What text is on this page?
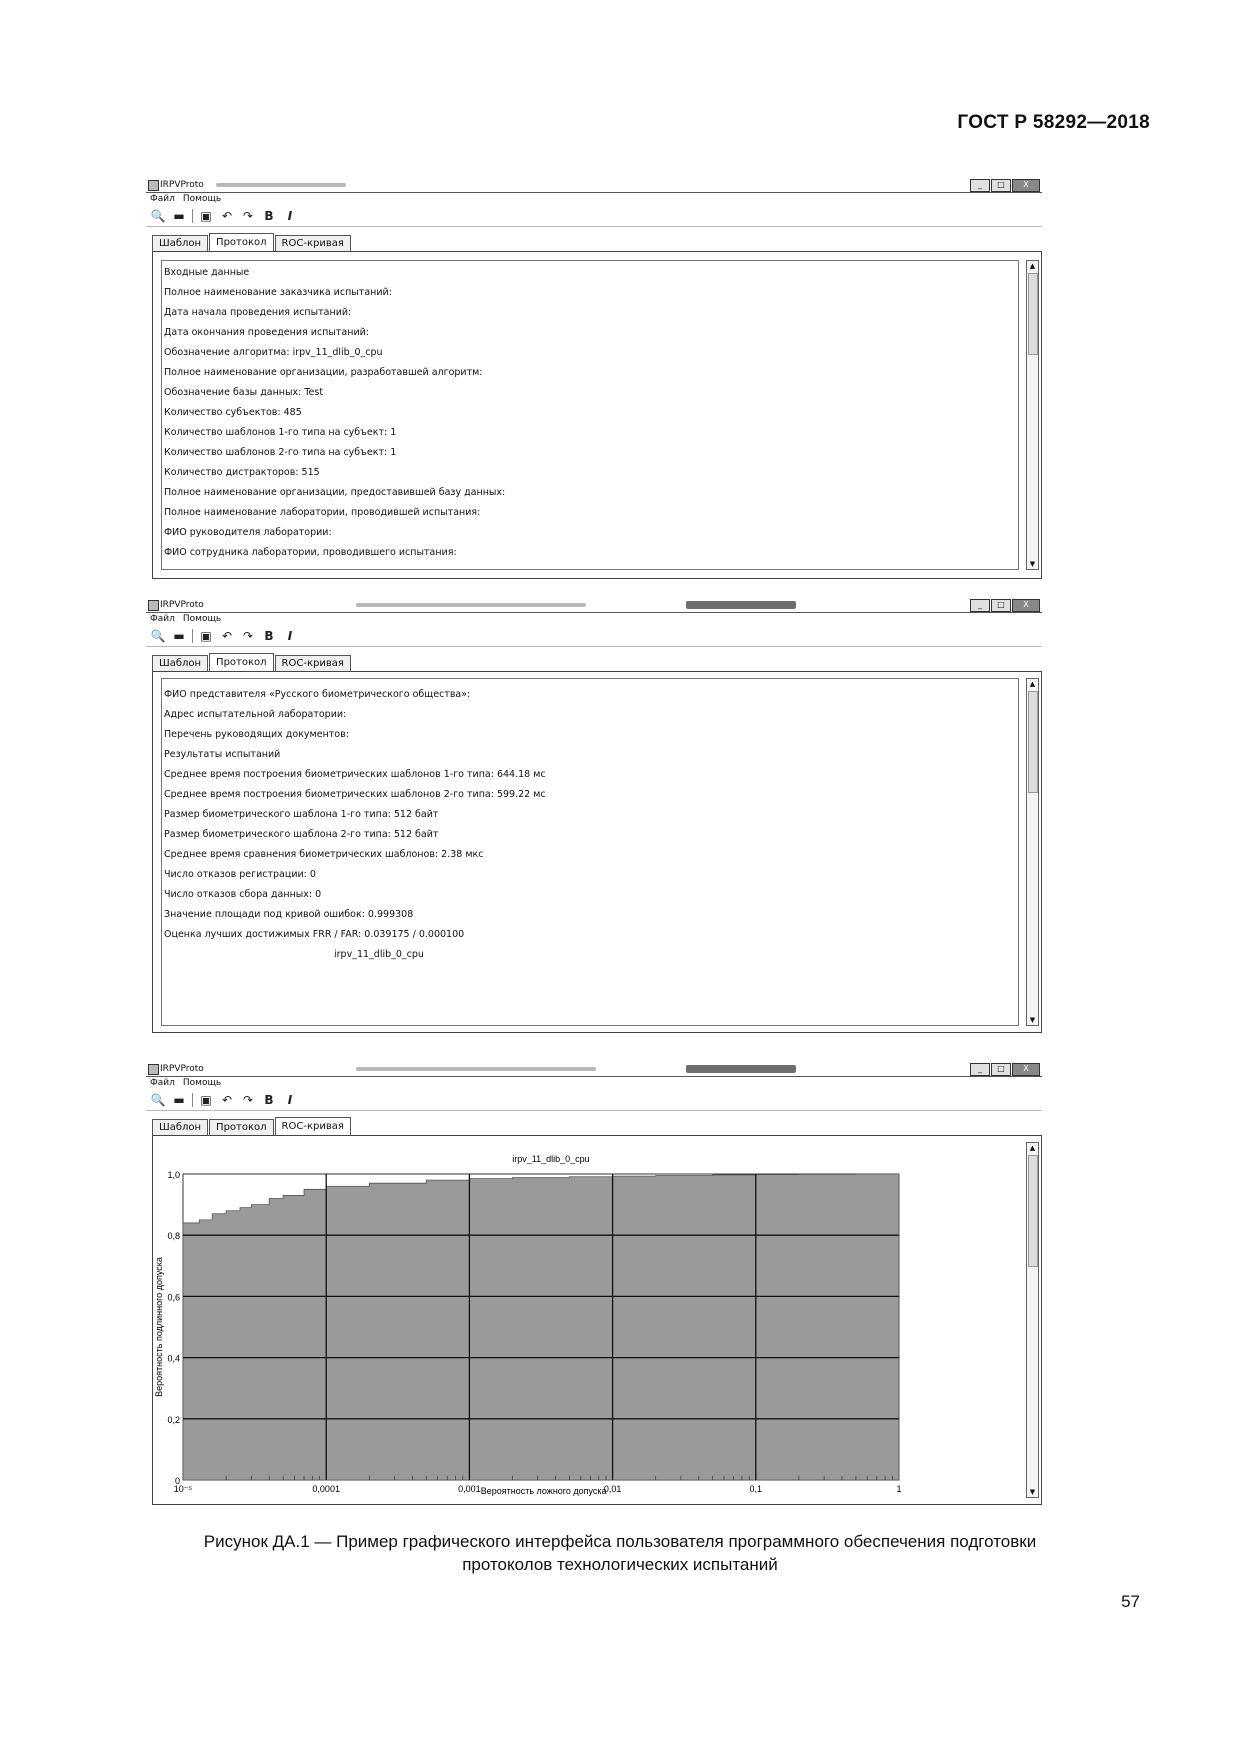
ГОСТ Р 58292—2018
IRPVProto	_	□	X
Файл Помощь
🔍 ▬ ▣ ↶ ↷ B	I
Шаблон	Протокол	ROC-кривая
Входные данные
Полное наименование заказчика испытаний:
Дата начала проведения испытаний:
Дата окончания проведения испытаний:
Обозначение алгоритма: irpv_11_dlib_0_cpu
Полное наименование организации, разработавшей алгоритм:
Обозначение базы данных: Test
Количество субъектов: 485
Количество шаблонов 1-го типа на субъект: 1
Количество шаблонов 2-го типа на субъект: 1
Количество дистракторов: 515
Полное наименование организации, предоставившей базу данных:
Полное наименование лаборатории, проводившей испытания:
ФИО руководителя лаборатории:
ФИО сотрудника лаборатории, проводившего испытания:
▲
▼
IRPVProto	_	□	X
Файл Помощь
🔍 ▬ ▣ ↶ ↷ B	I
Шаблон	Протокол	ROC-кривая
ФИО представителя «Русского биометрического общества»:
Адрес испытательной лаборатории:
Перечень руководящих документов:
Результаты испытаний
Среднее время построения биометрических шаблонов 1-го типа: 644.18 мс
Среднее время построения биометрических шаблонов 2-го типа: 599.22 мс
Размер биометрического шаблона 1-го типа: 512 байт
Размер биометрического шаблона 2-го типа: 512 байт
Среднее время сравнения биометрических шаблонов: 2.38 мкс
Число отказов регистрации: 0
Число отказов сбора данных: 0
Значение площади под кривой ошибок: 0.999308
Оценка лучших достижимых FRR / FAR: 0.039175 / 0.000100
irpv_11_dlib_0_cpu
▲
▼
IRPVProto	_	□	X
Файл Помощь
🔍 ▬ ▣ ↶ ↷ B	I
Шаблон	Протокол	ROC-кривая
10⁻⁵	0,0001	0,001	0,01	0,1	1
0
0,2
0,4
0,6
0,8
1,0
irpv_11_dlib_0_cpu
Вероятность ложного допуска
Вероятность подлинного допуска
▲
▼
Рисунок ДА.1 — Пример графического интерфейса пользователя программного обеспечения подготовки
протоколов технологических испытаний
57
